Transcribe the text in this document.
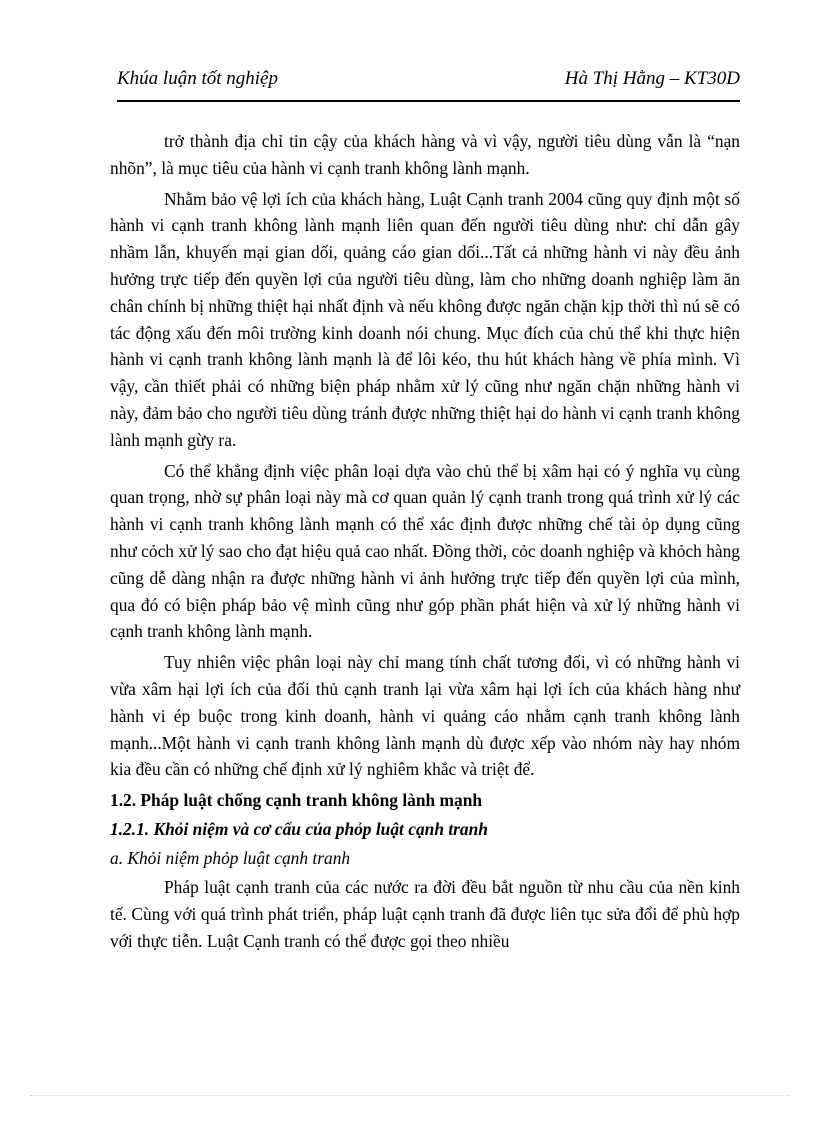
Khúa luận tốt nghiệp	Hà Thị Hằng – KT30D

trở thành địa chỉ tin cậy của khách hàng và vì vậy, người tiêu dùng vẫn là “nạn nhõn”, là mục tiêu của hành vi cạnh tranh không lành mạnh.

Nhằm bảo vệ lợi ích của khách hàng, Luật Cạnh tranh 2004 cũng quy định một số hành vi cạnh tranh không lành mạnh liên quan đến người tiêu dùng như: chỉ dẫn gây nhầm lẫn, khuyến mại gian dối, quảng cáo gian dối...Tất cả những hành vi này đều ảnh hưởng trực tiếp đến quyền lợi của người tiêu dùng, làm cho những doanh nghiệp làm ăn chân chính bị những thiệt hại nhất định và nếu không được ngăn chặn kịp thời thì nú sẽ có tác động xấu đến môi trường kinh doanh nói chung. Mục đích của chủ thể khi thực hiện hành vi cạnh tranh không lành mạnh là để lôi kéo, thu hút khách hàng về phía mình. Vì vậy, cần thiết phải có những biện pháp nhằm xử lý cũng như ngăn chặn những hành vi này, đảm bảo cho người tiêu dùng tránh được những thiệt hại do hành vi cạnh tranh không lành mạnh gừy ra.

Có thể khẳng định việc phân loại dựa vào chủ thể bị xâm hại có ý nghĩa vụ cùng quan trọng, nhờ sự phân loại này mà cơ quan quản lý cạnh tranh trong quá trình xử lý các hành vi cạnh tranh không lành mạnh có thể xác định được những chế tài ỏp dụng cũng như cỏch xử lý sao cho đạt hiệu quả cao nhất. Đồng thời, cỏc doanh nghiệp và khỏch hàng cũng dễ dàng nhận ra được những hành vi ảnh hưởng trực tiếp đến quyền lợi của mình, qua đó có biện pháp bảo vệ mình cũng như góp phần phát hiện và xử lý những hành vi cạnh tranh không lành mạnh.

Tuy nhiên việc phân loại này chỉ mang tính chất tương đối, vì có những hành vi vừa xâm hại lợi ích của đối thủ cạnh tranh lại vừa xâm hại lợi ích của khách hàng như hành vi ép buộc trong kinh doanh, hành vi quảng cáo nhằm cạnh tranh không lành mạnh...Một hành vi cạnh tranh không lành mạnh dù được xếp vào nhóm này hay nhóm kia đều cần có những chế định xử lý nghiêm khắc và triệt để.

1.2. Pháp luật chống cạnh tranh không lành mạnh
1.2.1. Khỏi niệm và cơ cấu của phỏp luật cạnh tranh
a. Khỏi niệm phỏp luật cạnh tranh

Pháp luật cạnh tranh của các nước ra đời đều bắt nguồn từ nhu cầu của nền kinh tế. Cùng với quá trình phát triển, pháp luật cạnh tranh đã được liên tục sửa đổi để phù hợp với thực tiễn. Luật Cạnh tranh có thể được gọi theo nhiều
